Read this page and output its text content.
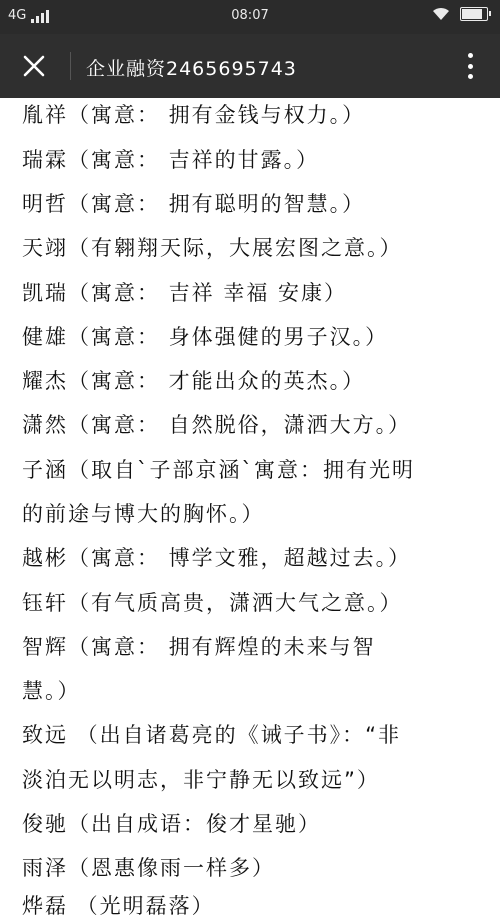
4G	08:07
企业融资2465695743
胤祥（寓意： 拥有金钱与权力。）
瑞霖（寓意： 吉祥的甘露。）
明哲（寓意： 拥有聪明的智慧。）
天翊（有翱翔天际，大展宏图之意。）
凯瑞（寓意： 吉祥 幸福 安康）
健雄（寓意： 身体强健的男子汉。）
耀杰（寓意： 才能出众的英杰。）
潇然（寓意： 自然脱俗，潇洒大方。）
子涵（取自`子部京涵`寓意：拥有光明
的前途与博大的胸怀。）
越彬（寓意： 博学文雅，超越过去。）
钰轩（有气质高贵，潇洒大气之意。）
智辉（寓意： 拥有辉煌的未来与智
慧。）
致远 （出自诸葛亮的《诫子书》：“非
淡泊无以明志，非宁静无以致远”）
俊驰（出自成语：俊才星驰）
雨泽（恩惠像雨一样多）
烨磊 （光明磊落）
